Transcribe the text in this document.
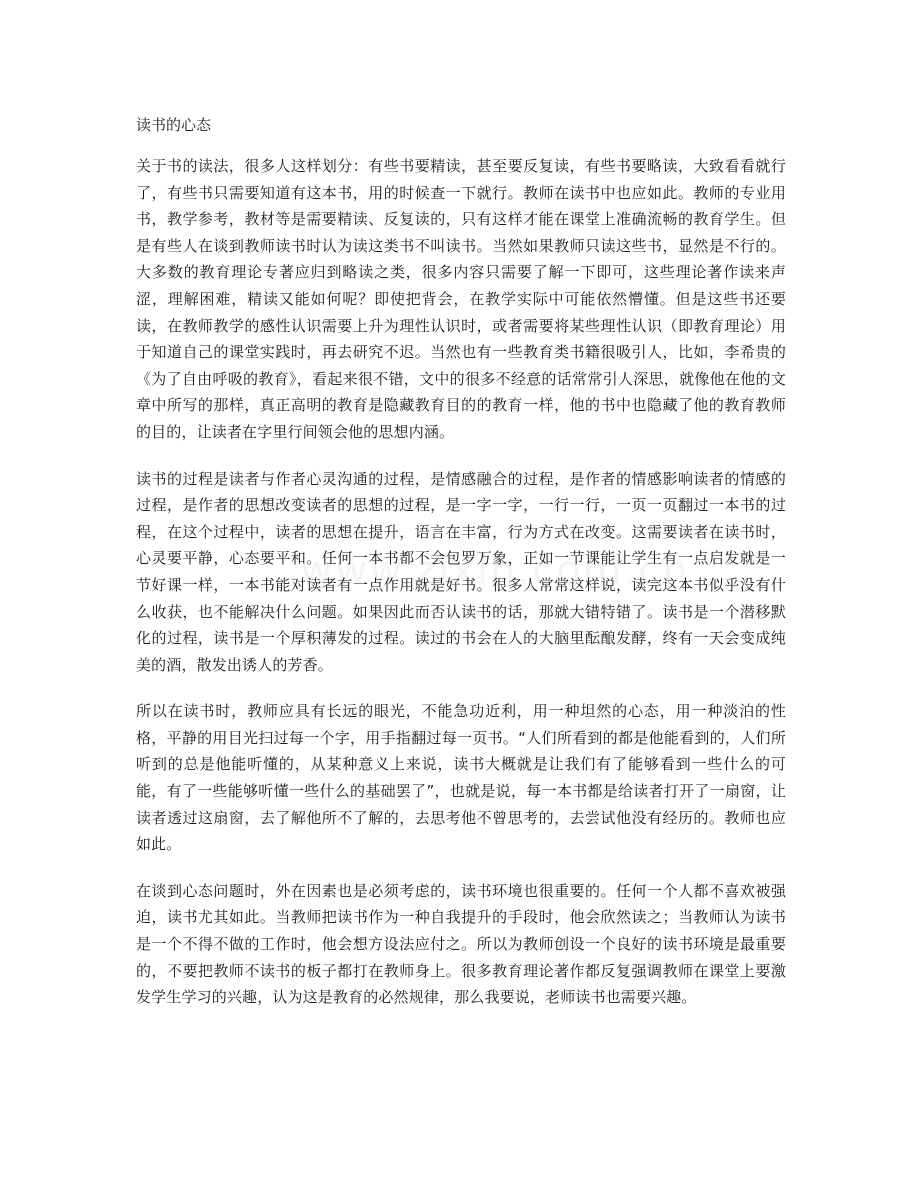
读书的心态

关于书的读法，很多人这样划分：有些书要精读，甚至要反复读，有些书要略读，大致看看就行了，有些书只需要知道有这本书，用的时候查一下就行。教师在读书中也应如此。教师的专业用书，教学参考，教材等是需要精读、反复读的，只有这样才能在课堂上准确流畅的教育学生。但是有些人在谈到教师读书时认为读这类书不叫读书。当然如果教师只读这些书，显然是不行的。大多数的教育理论专著应归到略读之类，很多内容只需要了解一下即可，这些理论著作读来声涩，理解困难，精读又能如何呢？即使把背会，在教学实际中可能依然懵懂。但是这些书还要读，在教师教学的感性认识需要上升为理性认识时，或者需要将某些理性认识（即教育理论）用于知道自己的课堂实践时，再去研究不迟。当然也有一些教育类书籍很吸引人，比如，李希贵的《为了自由呼吸的教育》，看起来很不错，文中的很多不经意的话常常引人深思，就像他在他的文章中所写的那样，真正高明的教育是隐藏教育目的的教育一样，他的书中也隐藏了他的教育教师的目的，让读者在字里行间领会他的思想内涵。

读书的过程是读者与作者心灵沟通的过程，是情感融合的过程，是作者的情感影响读者的情感的过程，是作者的思想改变读者的思想的过程，是一字一字，一行一行，一页一页翻过一本书的过程，在这个过程中，读者的思想在提升，语言在丰富，行为方式在改变。这需要读者在读书时，心灵要平静，心态要平和。任何一本书都不会包罗万象，正如一节课能让学生有一点启发就是一节好课一样，一本书能对读者有一点作用就是好书。很多人常常这样说，读完这本书似乎没有什么收获，也不能解决什么问题。如果因此而否认读书的话，那就大错特错了。读书是一个潜移默化的过程，读书是一个厚积薄发的过程。读过的书会在人的大脑里酝酿发酵，终有一天会变成纯美的酒，散发出诱人的芳香。

所以在读书时，教师应具有长远的眼光，不能急功近利，用一种坦然的心态，用一种淡泊的性格，平静的用目光扫过每一个字，用手指翻过每一页书。“人们所看到的都是他能看到的，人们所听到的总是他能听懂的，从某种意义上来说，读书大概就是让我们有了能够看到一些什么的可能，有了一些能够听懂一些什么的基础罢了”，也就是说，每一本书都是给读者打开了一扇窗，让读者透过这扇窗，去了解他所不了解的，去思考他不曾思考的，去尝试他没有经历的。教师也应如此。

在谈到心态问题时，外在因素也是必须考虑的，读书环境也很重要的。任何一个人都不喜欢被强迫，读书尤其如此。当教师把读书作为一种自我提升的手段时，他会欣然读之；当教师认为读书是一个不得不做的工作时，他会想方设法应付之。所以为教师创设一个良好的读书环境是最重要的，不要把教师不读书的板子都打在教师身上。很多教育理论著作都反复强调教师在课堂上要激发学生学习的兴趣，认为这是教育的必然规律，那么我要说，老师读书也需要兴趣。
